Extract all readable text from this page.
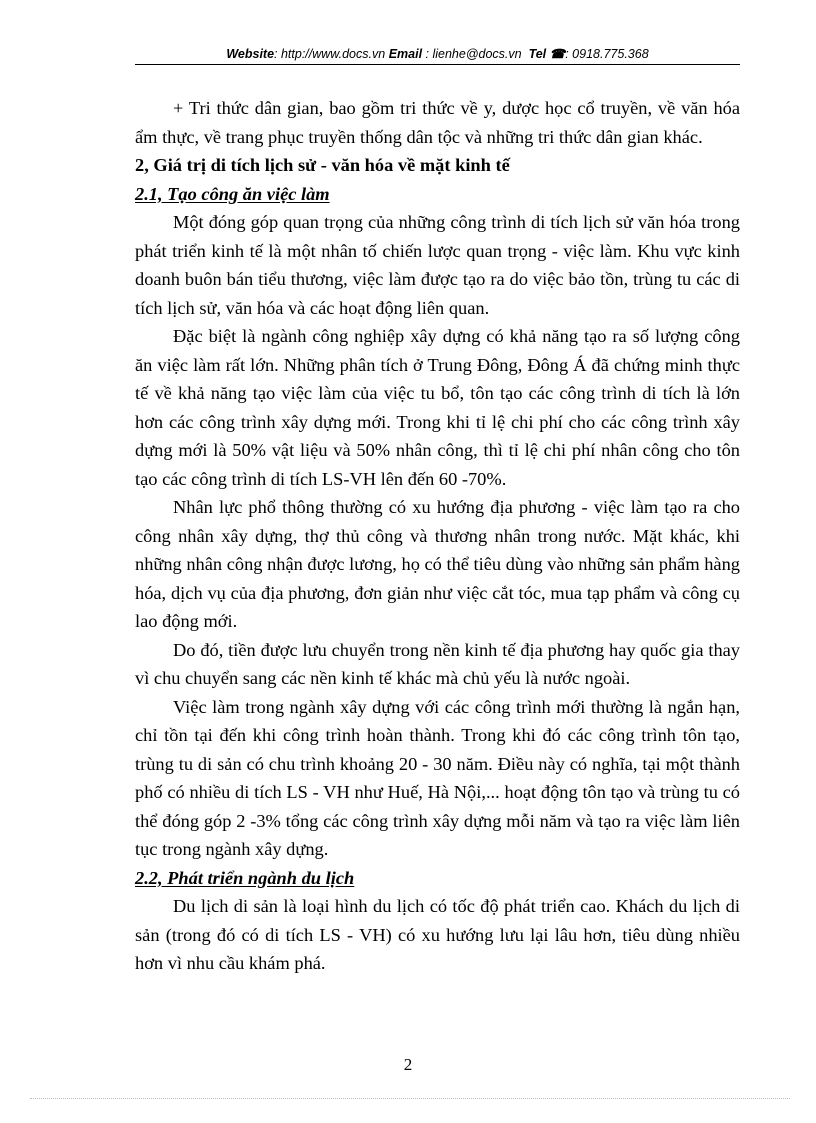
Website: http://www.docs.vn Email : lienhe@docs.vn Tel ☎: 0918.775.368

+ Tri thức dân gian, bao gồm tri thức về y, dược học cổ truyền, về văn hóa ẩm thực, về trang phục truyền thống dân tộc và những tri thức dân gian khác.

2, Giá trị di tích lịch sử - văn hóa về mặt kinh tế
2.1, Tạo công ăn việc làm

Một đóng góp quan trọng của những công trình di tích lịch sử văn hóa trong phát triển kinh tế là một nhân tố chiến lược quan trọng - việc làm. Khu vực kinh doanh buôn bán tiểu thương, việc làm được tạo ra do việc bảo tồn, trùng tu các di tích lịch sử, văn hóa và các hoạt động liên quan.

Đặc biệt là ngành công nghiệp xây dựng có khả năng tạo ra số lượng công ăn việc làm rất lớn. Những phân tích ở Trung Đông, Đông Á đã chứng minh thực tế về khả năng tạo việc làm của việc tu bổ, tôn tạo các công trình di tích là lớn hơn các công trình xây dựng mới. Trong khi tỉ lệ chi phí cho các công trình xây dựng mới là 50% vật liệu và 50% nhân công, thì tỉ lệ chi phí nhân công cho tôn tạo các công trình di tích LS-VH lên đến 60 -70%.

Nhân lực phổ thông thường có xu hướng địa phương - việc làm tạo ra cho công nhân xây dựng, thợ thủ công và thương nhân trong nước. Mặt khác, khi những nhân công nhận được lương, họ có thể tiêu dùng vào những sản phẩm hàng hóa, dịch vụ của địa phương, đơn giản như việc cắt tóc, mua tạp phẩm và công cụ lao động mới.

Do đó, tiền được lưu chuyển trong nền kinh tế địa phương hay quốc gia thay vì chu chuyển sang các nền kinh tế khác mà chủ yếu là nước ngoài.

Việc làm trong ngành xây dựng với các công trình mới thường là ngắn hạn, chỉ tồn tại đến khi công trình hoàn thành. Trong khi đó các công trình tôn tạo, trùng tu di sản có chu trình khoảng 20 - 30 năm. Điều này có nghĩa, tại một thành phố có nhiều di tích LS - VH như Huế, Hà Nội,... hoạt động tôn tạo và trùng tu có thể đóng góp 2 -3% tổng các công trình xây dựng mỗi năm và tạo ra việc làm liên tục trong ngành xây dựng.

2.2, Phát triển ngành du lịch

Du lịch di sản là loại hình du lịch có tốc độ phát triển cao. Khách du lịch di sản (trong đó có di tích LS - VH) có xu hướng lưu lại lâu hơn, tiêu dùng nhiều hơn vì nhu cầu khám phá.

2
